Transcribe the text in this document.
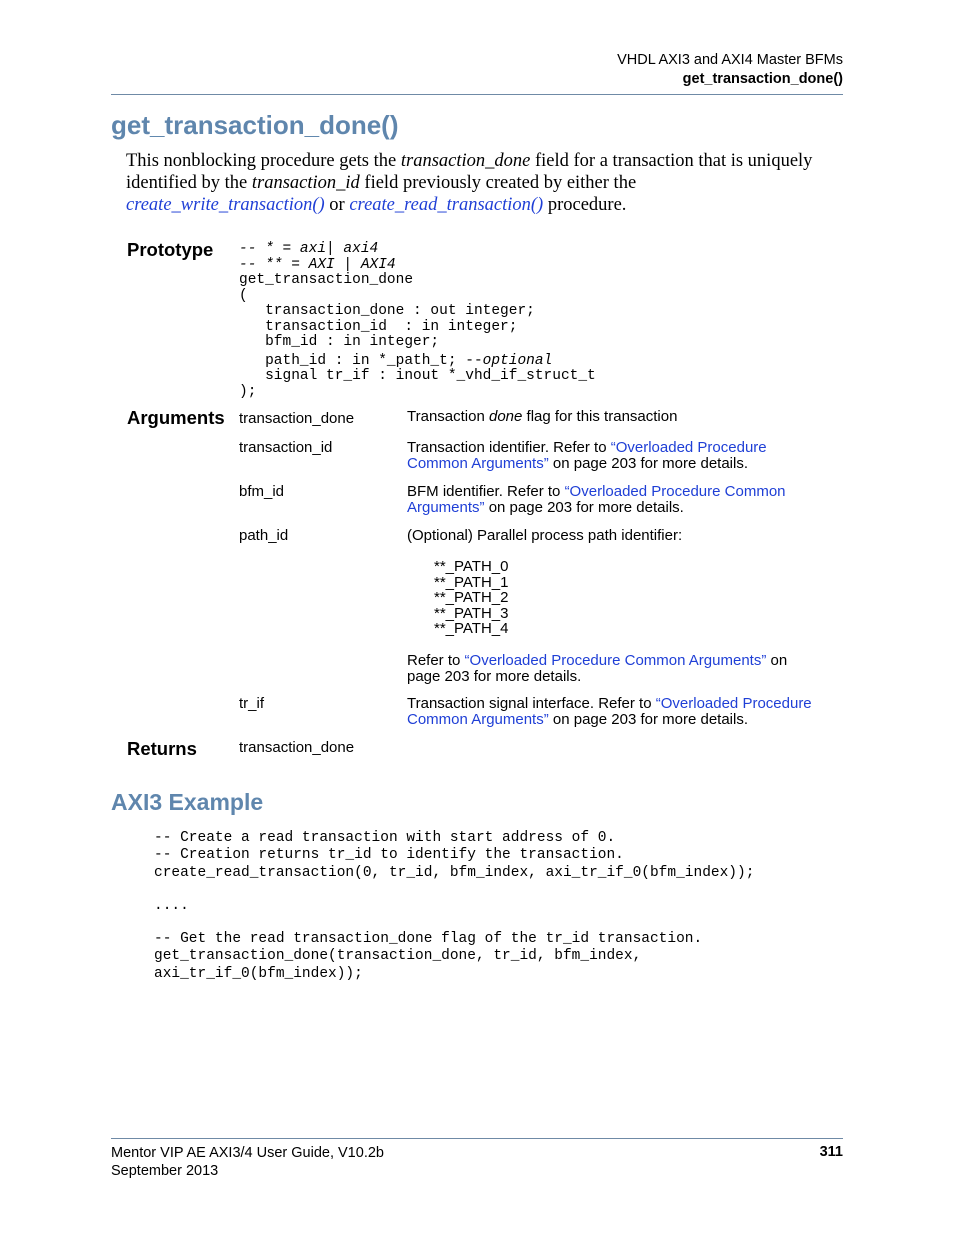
VHDL AXI3 and AXI4 Master BFMs
get_transaction_done()
get_transaction_done()
This nonblocking procedure gets the transaction_done field for a transaction that is uniquely
identified by the transaction_id field previously created by either the
create_write_transaction() or create_read_transaction() procedure.
Prototype -- * = axi| axi4
-- ** = AXI | AXI4
get_transaction_done
(
transaction_done : out integer;
transaction_id  : in integer;
bfm_id : in integer;
path_id : in *_path_t; --optional
signal tr_if : inout *_vhd_if_struct_t
);
Arguments transaction_done	Transaction done flag for this transaction
transaction_id	Transaction identifier. Refer to “Overloaded Procedure
Common Arguments” on page 203 for more details.
bfm_id	BFM identifier. Refer to “Overloaded Procedure Common
Arguments” on page 203 for more details.
path_id	(Optional) Parallel process path identifier:
**_PATH_0
**_PATH_1
**_PATH_2
**_PATH_3
**_PATH_4
Refer to “Overloaded Procedure Common Arguments” on
page 203 for more details.
tr_if	Transaction signal interface. Refer to “Overloaded Procedure
Common Arguments” on page 203 for more details.
Returns	transaction_done
AXI3 Example
-- Create a read transaction with start address of 0.
-- Creation returns tr_id to identify the transaction.
create_read_transaction(0, tr_id, bfm_index, axi_tr_if_0(bfm_index));
....
-- Get the read transaction_done flag of the tr_id transaction.
get_transaction_done(transaction_done, tr_id, bfm_index,
axi_tr_if_0(bfm_index));
Mentor VIP AE AXI3/4 User Guide, V10.2b
September 2013
311
